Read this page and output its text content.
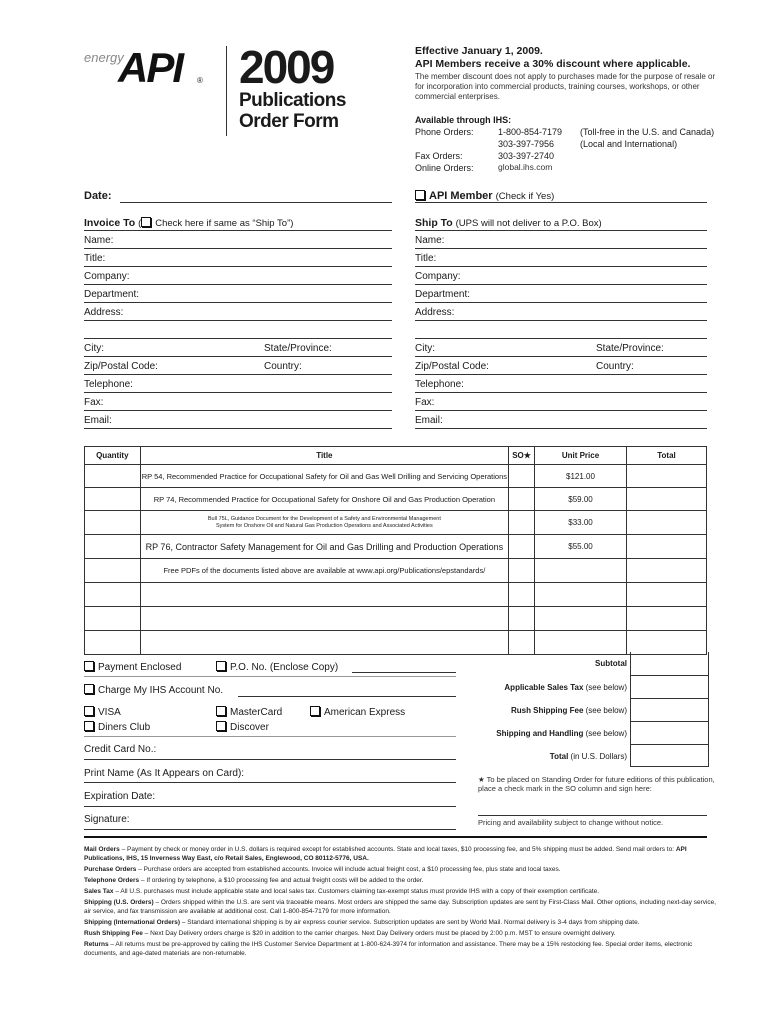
energy
API ® 2009
Publications
Order Form
Effective January 1, 2009.
API Members receive a 30% discount where applicable.
The member discount does not apply to purchases made for the purpose of resale or for incorporation into commercial products, training courses, workshops, or other commercial enterprises.
Available through IHS:
Phone Orders:	1-800-854-7179	(Toll-free in the U.S. and Canada)
	303-397-7956	(Local and International)
Fax Orders:	303-397-2740	
Online Orders:	global.ihs.com	
Date:	API Member (Check if Yes)
Invoice To ( Check here if same as “Ship To”)	Ship To (UPS will not deliver to a P.O. Box)
Name:
Title:
Company:
Department:
Address:
City:	State/Province:
Zip/Postal Code:	Country:
Telephone:
Fax:
Email:
Name:
Title:
Company:
Department:
Address:
City:	State/Province:
Zip/Postal Code:	Country:
Telephone:
Fax:
Email:
Quantity	Title	SO★	Unit Price	Total
	RP 54, Recommended Practice for Occupational Safety for Oil and Gas Well Drilling and Servicing Operations		$121.00	
	RP 74, Recommended Practice for Occupational Safety for Onshore Oil and Gas Production Operation		$59.00	
	Bull 75L, Guidance Document for the Development of a Safety and Environmental Management System for Onshore Oil and Natural Gas Production Operations and Associated Activities		$33.00	
	RP 76, Contractor Safety Management for Oil and Gas Drilling and Production Operations		$55.00	
	Free PDFs of the documents listed above are available at www.api.org/Publications/epstandards/			

Payment Enclosed	P.O. No. (Enclose Copy)
Charge My IHS Account No.
VISA	MasterCard	American Express
Diners Club	Discover
Credit Card No.:
Print Name (As It Appears on Card):
Expiration Date:
Signature:
Subtotal
Applicable Sales Tax (see below)
Rush Shipping Fee (see below)
Shipping and Handling (see below)
Total (in U.S. Dollars)
★ To be placed on Standing Order for future editions of this publication, place a check mark in the SO column and sign here:
Pricing and availability subject to change without notice.
Mail Orders – Payment by check or money order in U.S. dollars is required except for established accounts. State and local taxes, $10 processing fee, and 5% shipping must be added. Send mail orders to: API Publications, IHS, 15 Inverness Way East, c/o Retail Sales, Englewood, CO 80112-5776, USA.
Purchase Orders – Purchase orders are accepted from established accounts. Invoice will include actual freight cost, a $10 processing fee, plus state and local taxes.
Telephone Orders – If ordering by telephone, a $10 processing fee and actual freight costs will be added to the order.
Sales Tax – All U.S. purchases must include applicable state and local sales tax. Customers claiming tax-exempt status must provide IHS with a copy of their exemption certificate.
Shipping (U.S. Orders) – Orders shipped within the U.S. are sent via traceable means. Most orders are shipped the same day. Subscription updates are sent by First-Class Mail. Other options, including next-day service, air service, and fax transmission are available at additional cost. Call 1-800-854-7179 for more information.
Shipping (International Orders) – Standard international shipping is by air express courier service. Subscription updates are sent by World Mail. Normal delivery is 3-4 days from shipping date.
Rush Shipping Fee – Next Day Delivery orders charge is $20 in addition to the carrier charges. Next Day Delivery orders must be placed by 2:00 p.m. MST to ensure overnight delivery.
Returns – All returns must be pre-approved by calling the IHS Customer Service Department at 1-800-624-3974 for information and assistance. There may be a 15% restocking fee. Special order items, electronic documents, and age-dated materials are non-returnable.
